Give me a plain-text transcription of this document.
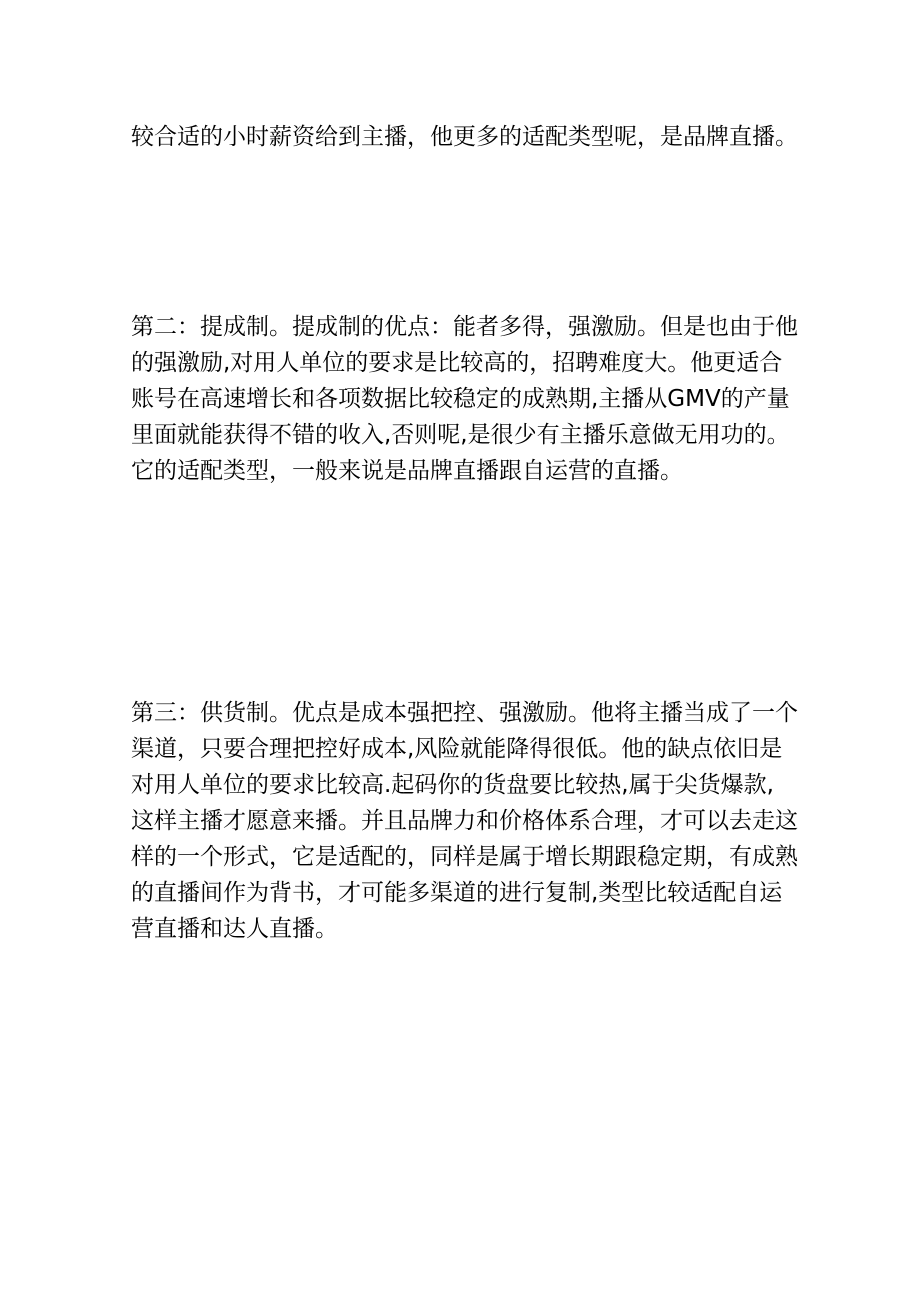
较合适的小时薪资给到主播，他更多的适配类型呢，是品牌直播。
第二：提成制。提成制的优点：能者多得，强激励。但是也由于他
的强激励,对用人单位的要求是比较高的，招聘难度大。他更适合
账号在高速增长和各项数据比较稳定的成熟期,主播从GMV的产量
里面就能获得不错的收入,否则呢,是很少有主播乐意做无用功的。
它的适配类型，一般来说是品牌直播跟自运营的直播。
第三：供货制。优点是成本强把控、强激励。他将主播当成了一个
渠道，只要合理把控好成本,风险就能降得很低。他的缺点依旧是
对用人单位的要求比较高.起码你的货盘要比较热,属于尖货爆款,
这样主播才愿意来播。并且品牌力和价格体系合理，才可以去走这
样的一个形式，它是适配的，同样是属于增长期跟稳定期，有成熟
的直播间作为背书，才可能多渠道的进行复制,类型比较适配自运
营直播和达人直播。
